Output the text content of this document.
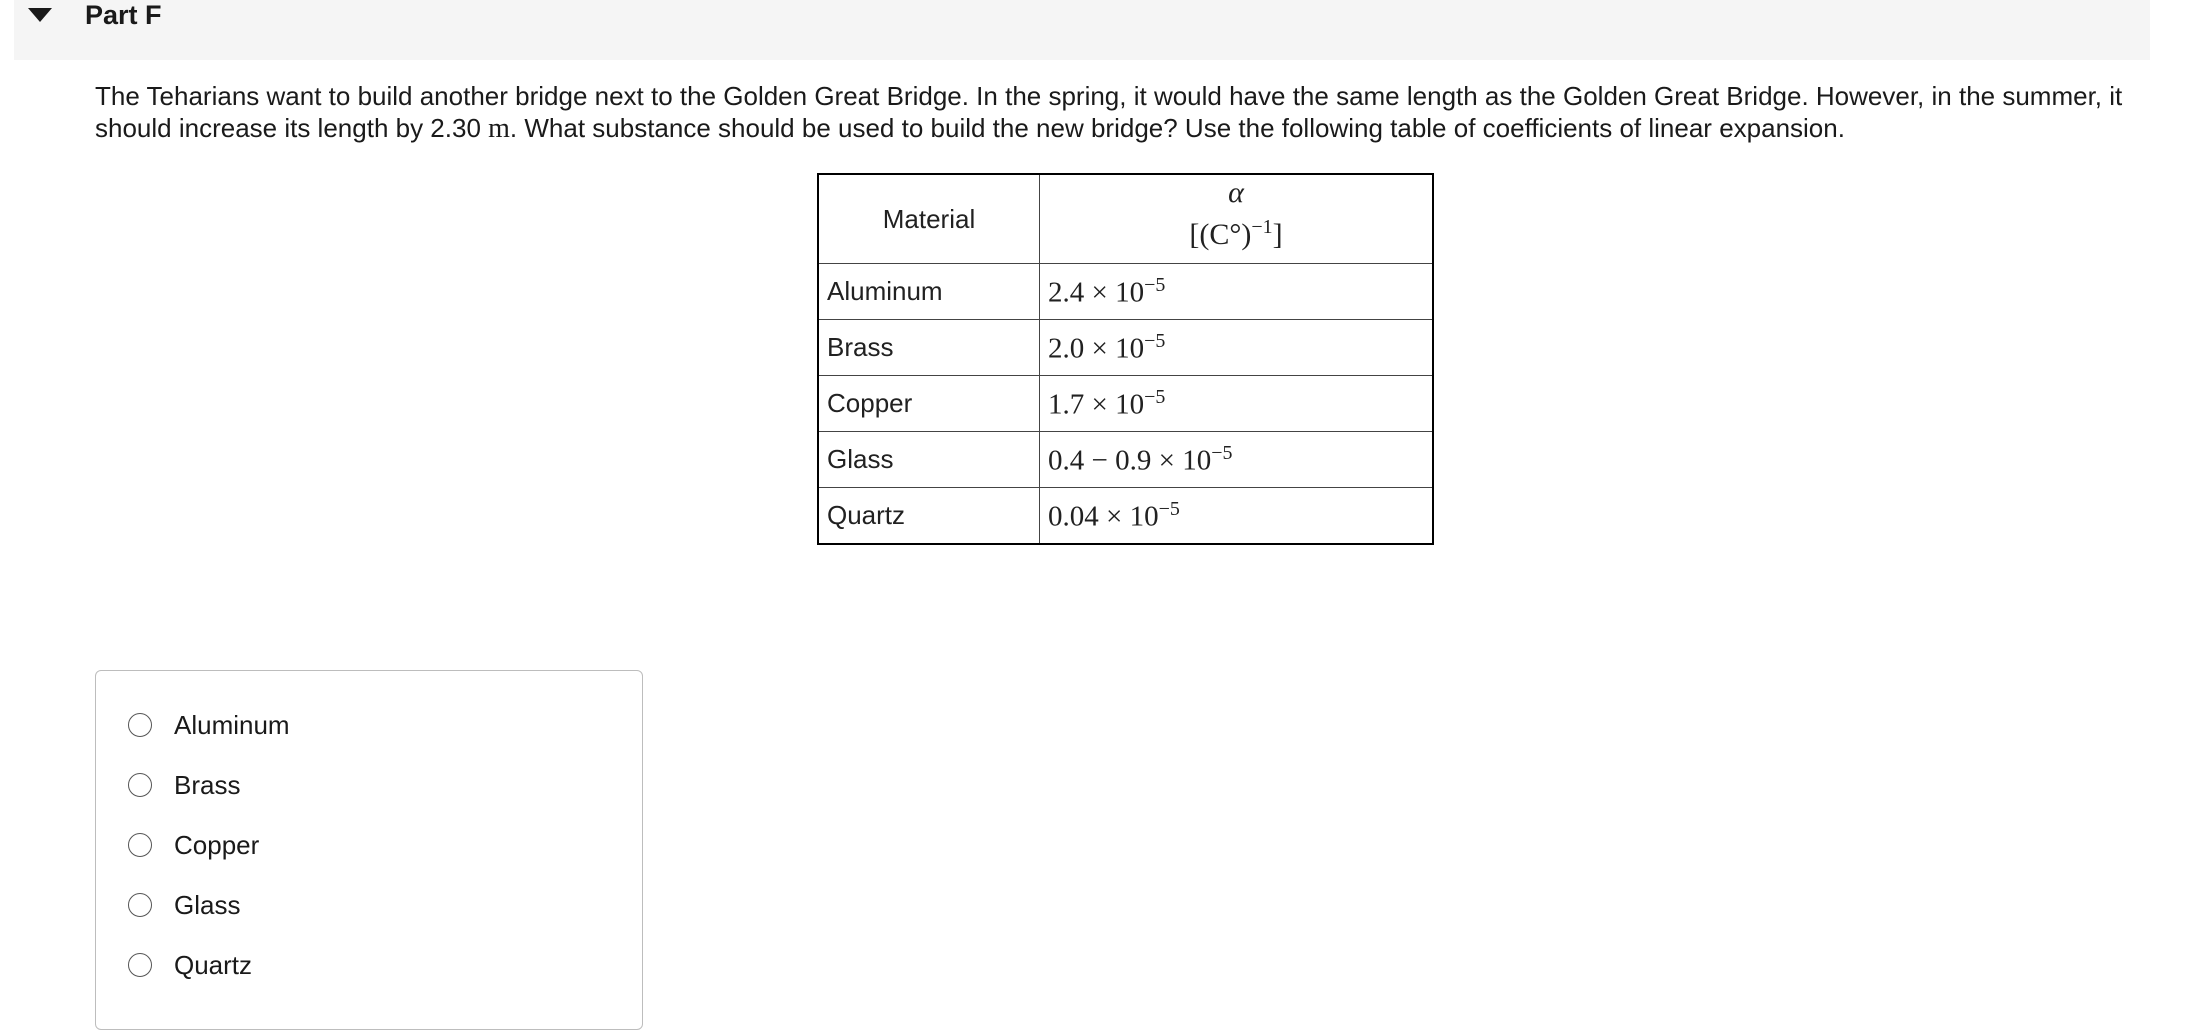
Part F
The Teharians want to build another bridge next to the Golden Great Bridge. In the spring, it would have the same length as the Golden Great Bridge. However, in the summer, it should increase its length by 2.30 m. What substance should be used to build the new bridge? Use the following table of coefficients of linear expansion.
Material	α
$[(C^\circ)^{-1}]$

Aluminum	$2.4 \times 10^{-5}$
Brass	$2.0 \times 10^{-5}$
Copper	$1.7 \times 10^{-5}$
Glass	$0.4 - 0.9 \times 10^{-5}$
Quartz	$0.04 \times 10^{-5}$
Aluminum
Brass
Copper
Glass
Quartz
